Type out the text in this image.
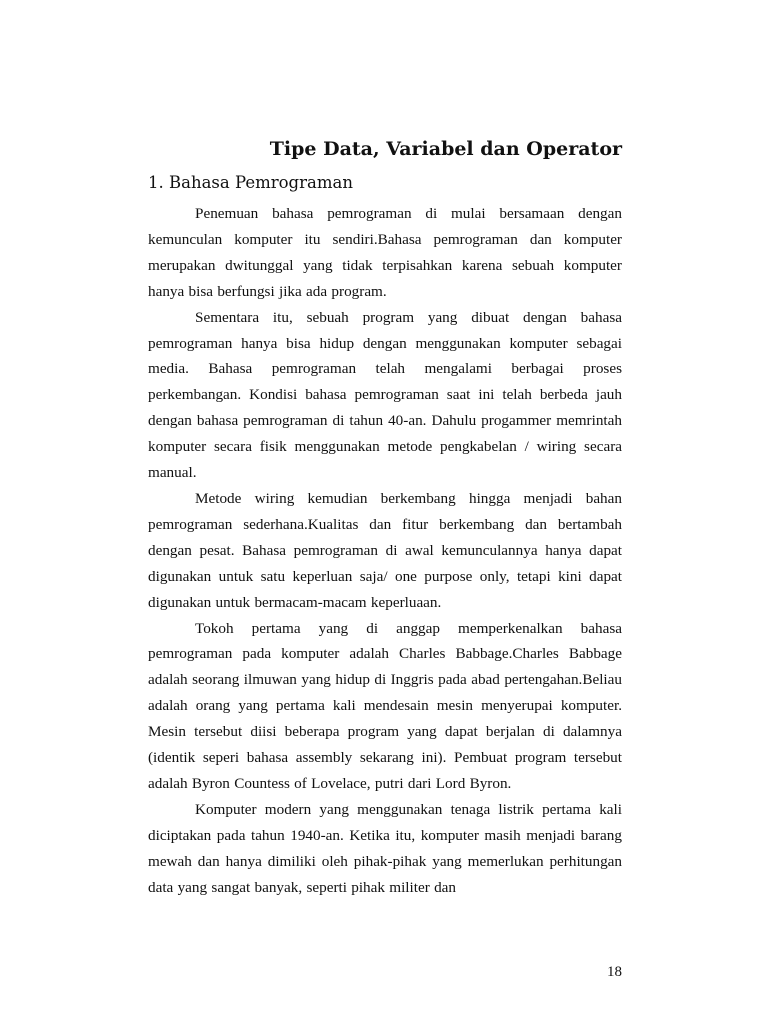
Tipe Data, Variabel dan Operator
1. Bahasa Pemrograman

Penemuan bahasa pemrograman di mulai bersamaan dengan kemunculan komputer itu sendiri.Bahasa pemrograman dan komputer merupakan dwitunggal yang tidak terpisahkan karena sebuah komputer hanya bisa berfungsi jika ada program.

Sementara itu, sebuah program yang dibuat dengan bahasa pemrograman hanya bisa hidup dengan menggunakan komputer sebagai media. Bahasa pemrograman telah mengalami berbagai proses perkembangan. Kondisi bahasa pemrograman saat ini telah berbeda jauh dengan bahasa pemrograman di tahun 40-an. Dahulu progammer memrintah komputer secara fisik menggunakan metode pengkabelan / wiring secara manual.

Metode wiring kemudian berkembang hingga menjadi bahan pemrograman sederhana.Kualitas dan fitur berkembang dan bertambah dengan pesat. Bahasa pemrograman di awal kemunculannya hanya dapat digunakan untuk satu keperluan saja/ one purpose only, tetapi kini dapat digunakan untuk bermacam-macam keperluaan.

Tokoh pertama yang di anggap memperkenalkan bahasa pemrograman pada komputer adalah Charles Babbage.Charles Babbage adalah seorang ilmuwan yang hidup di Inggris pada abad pertengahan.Beliau adalah orang yang pertama kali mendesain mesin menyerupai komputer. Mesin tersebut diisi beberapa program yang dapat berjalan di dalamnya (identik seperi bahasa assembly sekarang ini). Pembuat program tersebut adalah Byron Countess of Lovelace, putri dari Lord Byron.

Komputer modern yang menggunakan tenaga listrik pertama kali diciptakan pada tahun 1940-an. Ketika itu, komputer masih menjadi barang mewah dan hanya dimiliki oleh pihak-pihak yang memerlukan perhitungan data yang sangat banyak, seperti pihak militer dan

18
